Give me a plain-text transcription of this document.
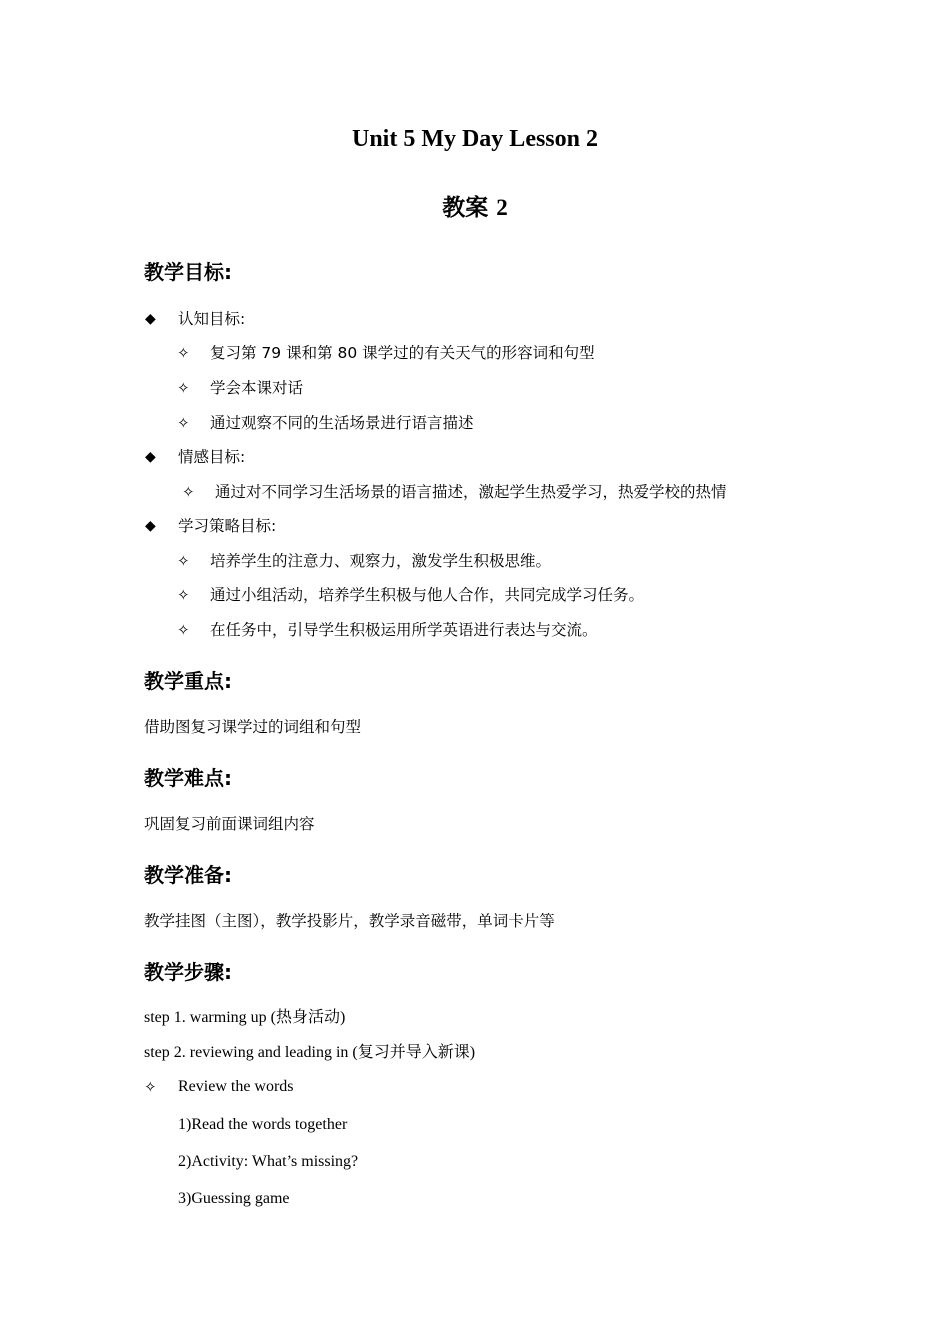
Unit 5 My Day Lesson 2
教案 2
教学目标:
◆ 认知目标:
✧ 复习第 79 课和第 80 课学过的有关天气的形容词和句型
✧ 学会本课对话
✧ 通过观察不同的生活场景进行语言描述
◆ 情感目标:
✧ 通过对不同学习生活场景的语言描述，激起学生热爱学习，热爱学校的热情
◆ 学习策略目标:
✧ 培养学生的注意力、观察力，激发学生积极思维。
✧ 通过小组活动，培养学生积极与他人合作，共同完成学习任务。
✧ 在任务中，引导学生积极运用所学英语进行表达与交流。
教学重点:
借助图复习课学过的词组和句型
教学难点:
巩固复习前面课词组内容
教学准备:
教学挂图（主图），教学投影片，教学录音磁带，单词卡片等
教学步骤:
step 1. warming up (热身活动)
step 2. reviewing and leading in (复习并导入新课)
✧ Review the words
1)Read the words together
2)Activity: What’s missing?
3)Guessing game
